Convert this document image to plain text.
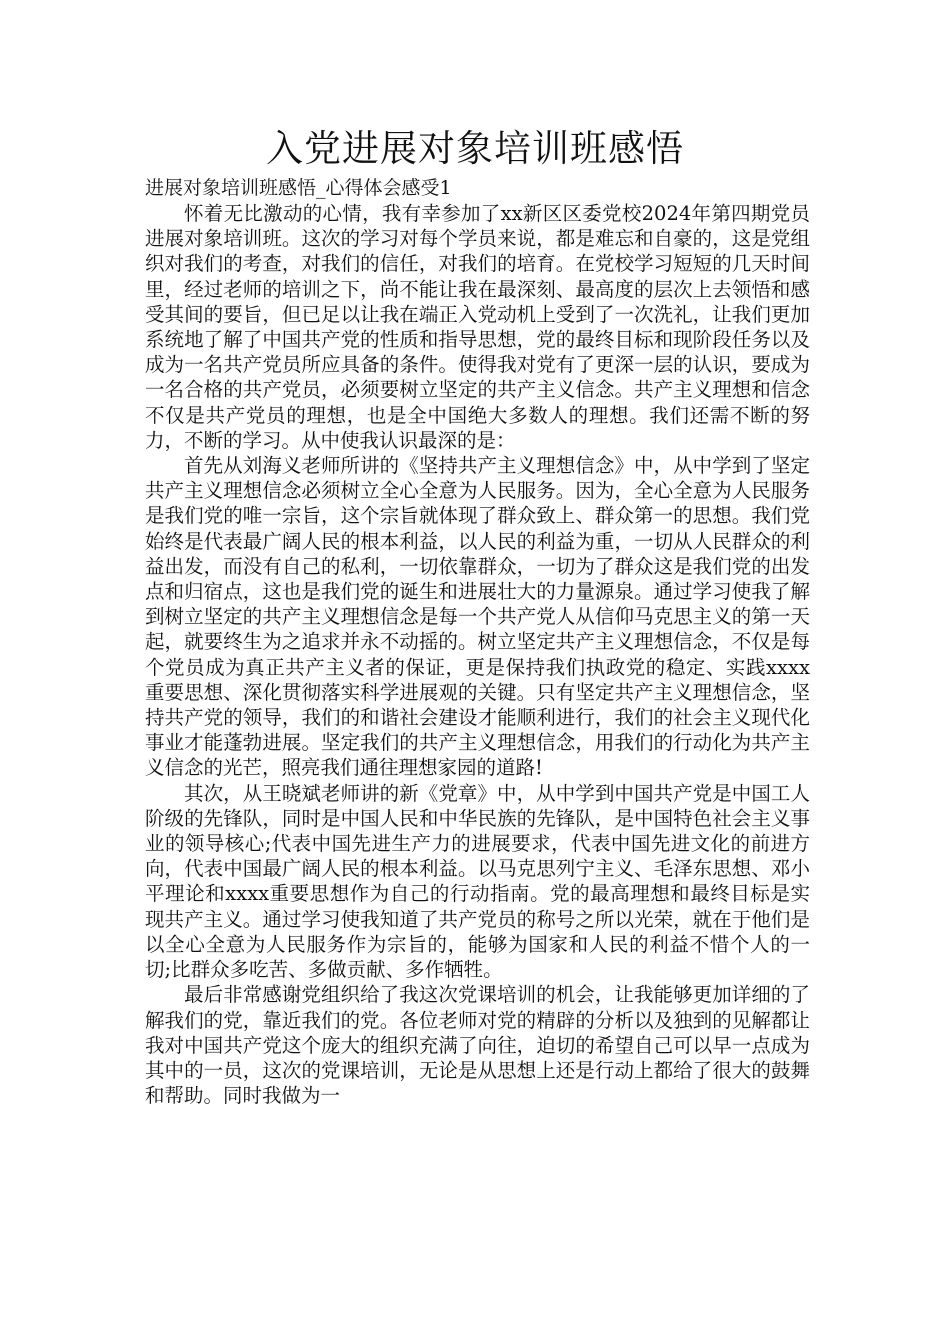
入党进展对象培训班感悟
进展对象培训班感悟_心得体会感受1

怀着无比激动的心情，我有幸参加了xx新区区委党校2024年第四期党员进展对象培训班。这次的学习对每个学员来说，都是难忘和自豪的，这是党组织对我们的考查，对我们的信任，对我们的培育。在党校学习短短的几天时间里，经过老师的培训之下，尚不能让我在最深刻、最高度的层次上去领悟和感受其间的要旨，但已足以让我在端正入党动机上受到了一次洗礼，让我们更加系统地了解了中国共产党的性质和指导思想，党的最终目标和现阶段任务以及成为一名共产党员所应具备的条件。使得我对党有了更深一层的认识，要成为一名合格的共产党员，必须要树立坚定的共产主义信念。共产主义理想和信念不仅是共产党员的理想，也是全中国绝大多数人的理想。我们还需不断的努力，不断的学习。从中使我认识最深的是：

首先从刘海义老师所讲的《坚持共产主义理想信念》中，从中学到了坚定共产主义理想信念必须树立全心全意为人民服务。因为，全心全意为人民服务是我们党的唯一宗旨，这个宗旨就体现了群众致上、群众第一的思想。我们党始终是代表最广阔人民的根本利益，以人民的利益为重，一切从人民群众的利益出发，而没有自己的私利，一切依靠群众，一切为了群众这是我们党的出发点和归宿点，这也是我们党的诞生和进展壮大的力量源泉。通过学习使我了解到树立坚定的共产主义理想信念是每一个共产党人从信仰马克思主义的第一天起，就要终生为之追求并永不动摇的。树立坚定共产主义理想信念，不仅是每个党员成为真正共产主义者的保证，更是保持我们执政党的稳定、实践xxxx重要思想、深化贯彻落实科学进展观的关键。只有坚定共产主义理想信念，坚持共产党的领导，我们的和谐社会建设才能顺利进行，我们的社会主义现代化事业才能蓬勃进展。坚定我们的共产主义理想信念，用我们的行动化为共产主义信念的光芒，照亮我们通往理想家园的道路!

其次，从王晓斌老师讲的新《党章》中，从中学到中国共产党是中国工人阶级的先锋队，同时是中国人民和中华民族的先锋队，是中国特色社会主义事业的领导核心;代表中国先进生产力的进展要求，代表中国先进文化的前进方向，代表中国最广阔人民的根本利益。以马克思列宁主义、毛泽东思想、邓小平理论和xxxx重要思想作为自己的行动指南。党的最高理想和最终目标是实现共产主义。通过学习使我知道了共产党员的称号之所以光荣，就在于他们是以全心全意为人民服务作为宗旨的，能够为国家和人民的利益不惜个人的一切;比群众多吃苦、多做贡献、多作牺牲。

最后非常感谢党组织给了我这次党课培训的机会，让我能够更加详细的了解我们的党，靠近我们的党。各位老师对党的精辟的分析以及独到的见解都让我对中国共产党这个庞大的组织充满了向往，迫切的希望自己可以早一点成为其中的一员，这次的党课培训，无论是从思想上还是行动上都给了很大的鼓舞和帮助。同时我做为一
